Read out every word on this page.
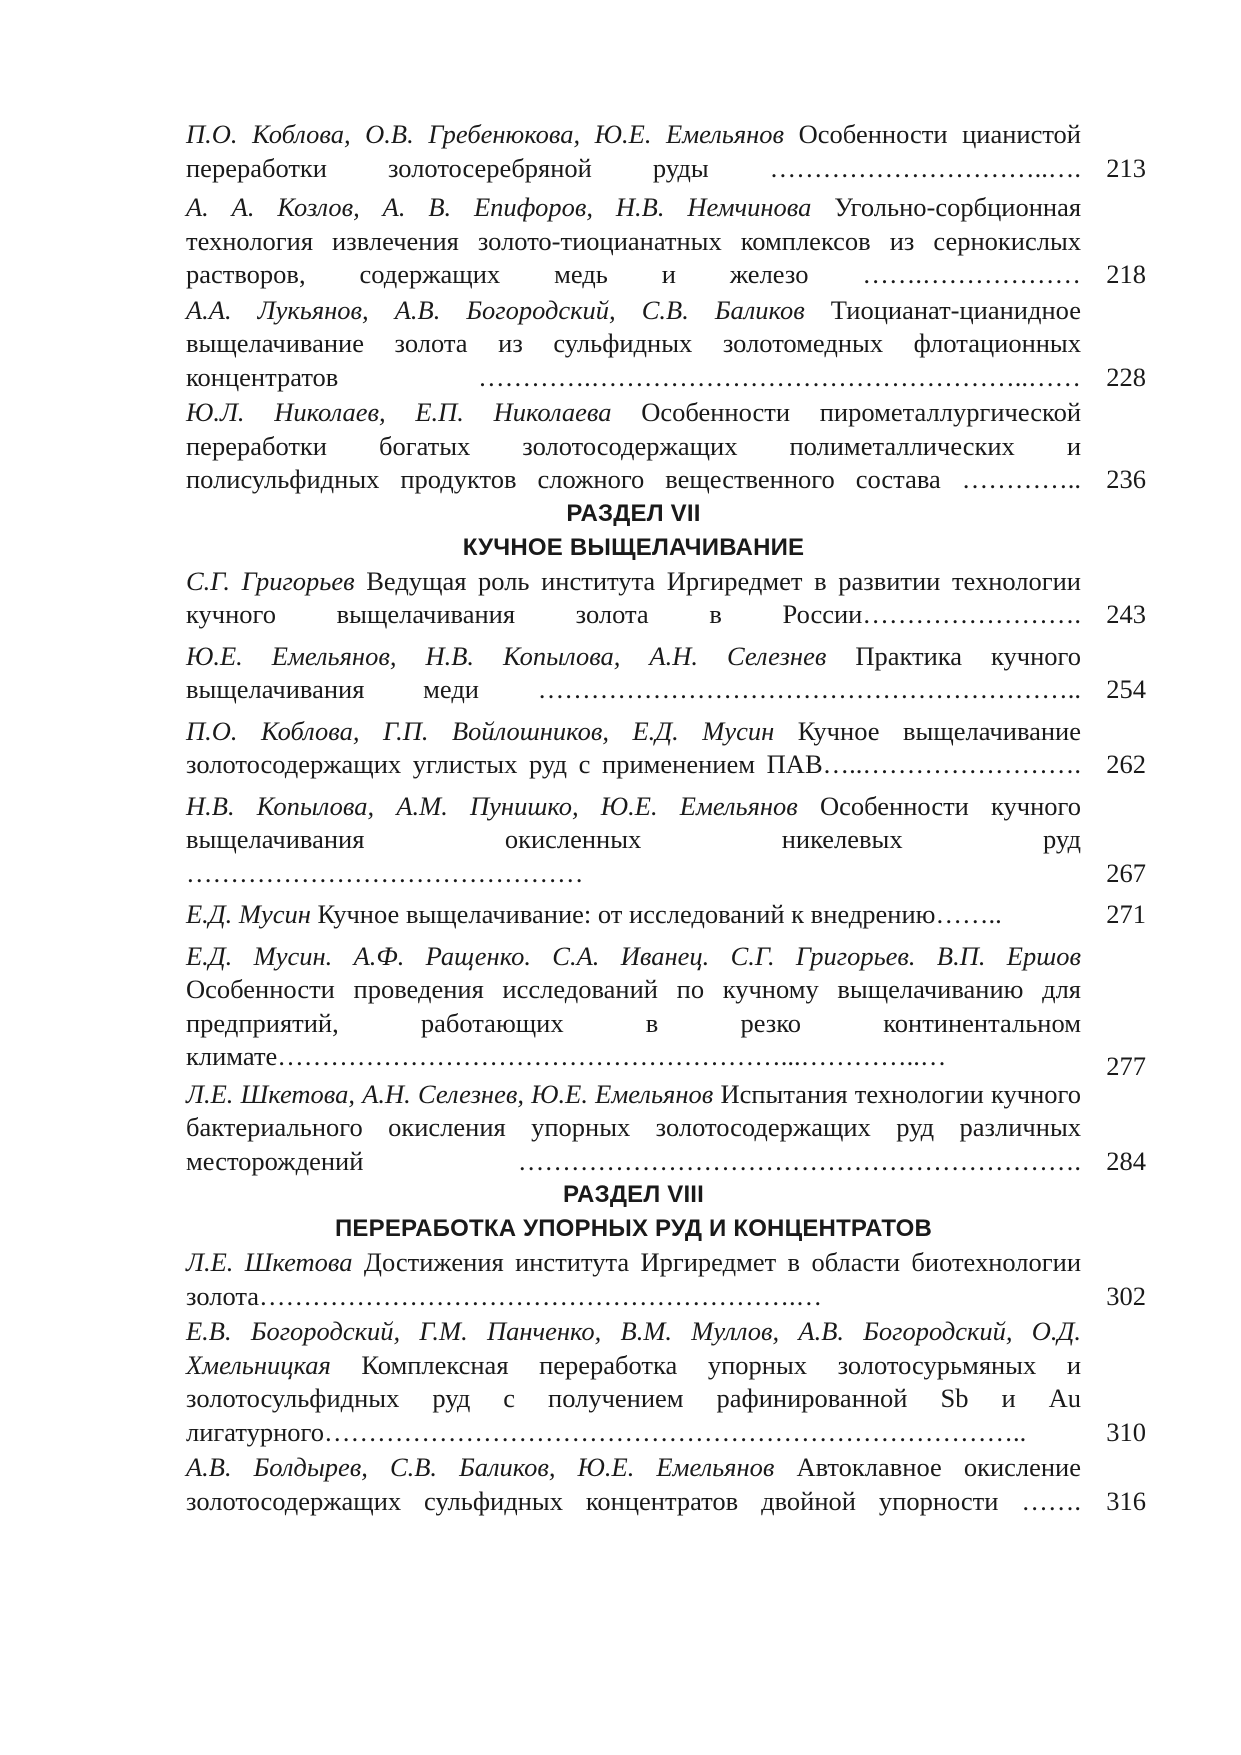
П.О. Коблова, О.В. Гребенюкова, Ю.Е. Емельянов Особенности цианистой переработки золотосеребряной руды …………………………..…. 213
А. А. Козлов, А. В. Епифоров, Н.В. Немчинова Угольно-сорбционная технология извлечения золото-тиоцианатных комплексов из сернокислых растворов, содержащих медь и железо …….……………… 218
А.А. Лукьянов, А.В. Богородский, С.В. Баликов Тиоцианат-цианидное выщелачивание золота из сульфидных золотомедных флотационных концентратов	………….…………………………………………..…… 228
Ю.Л. Николаев, Е.П. Николаева Особенности пирометаллургической переработки богатых золотосодержащих полиметаллических и полисульфидных продуктов сложного вещественного состава ………….. 236
РАЗДЕЛ VII
КУЧНОЕ ВЫЩЕЛАЧИВАНИЕ
С.Г. Григорьев Ведущая роль института Иргиредмет в развитии технологии кучного выщелачивания золота в России……………………. 243
Ю.Е. Емельянов, Н.В. Копылова, А.Н. Селезнев Практика кучного выщелачивания меди …………………………………………………….. 254
П.О. Коблова, Г.П. Войлошников, Е.Д. Мусин Кучное выщелачивание золотосодержащих углистых руд с применением ПАВ…..……………………. 262
Н.В. Копылова, А.М. Пунишко, Ю.Е. Емельянов Особенности кучного выщелачивания окисленных никелевых руд ………………………………………	267
Е.Д. Мусин Кучное выщелачивание: от исследований к внедрению……..	271
Е.Д. Мусин. А.Ф. Ращенко. С.А. Иванец. С.Г. Григорьев. В.П. Ершов Особенности проведения исследований по кучному выщелачиванию для предприятий, работающих в резко континентальном климате…………………………………………………...…………..…	277
Л.Е. Шкетова, А.Н. Селезнев, Ю.Е. Емельянов Испытания технологии кучного бактериального окисления упорных золотосодержащих руд различных месторождений	………………………………………………………. 284
РАЗДЕЛ VIII
ПЕРЕРАБОТКА УПОРНЫХ РУД И КОНЦЕНТРАТОВ
Л.Е. Шкетова Достижения института Иргиредмет в области биотехнологии золота…………………………………………………….…	302
Е.В. Богородский, Г.М. Панченко, В.М. Муллов, А.В. Богородский, О.Д. Хмельницкая Комплексная переработка упорных золотосурьмяных и золотосульфидных руд с получением рафинированной Sb и Au лигатурного……………………………………………………………………..	310
А.В. Болдырев, С.В. Баликов, Ю.Е. Емельянов Автоклавное окисление золотосодержащих сульфидных концентратов двойной упорности ……. 316
